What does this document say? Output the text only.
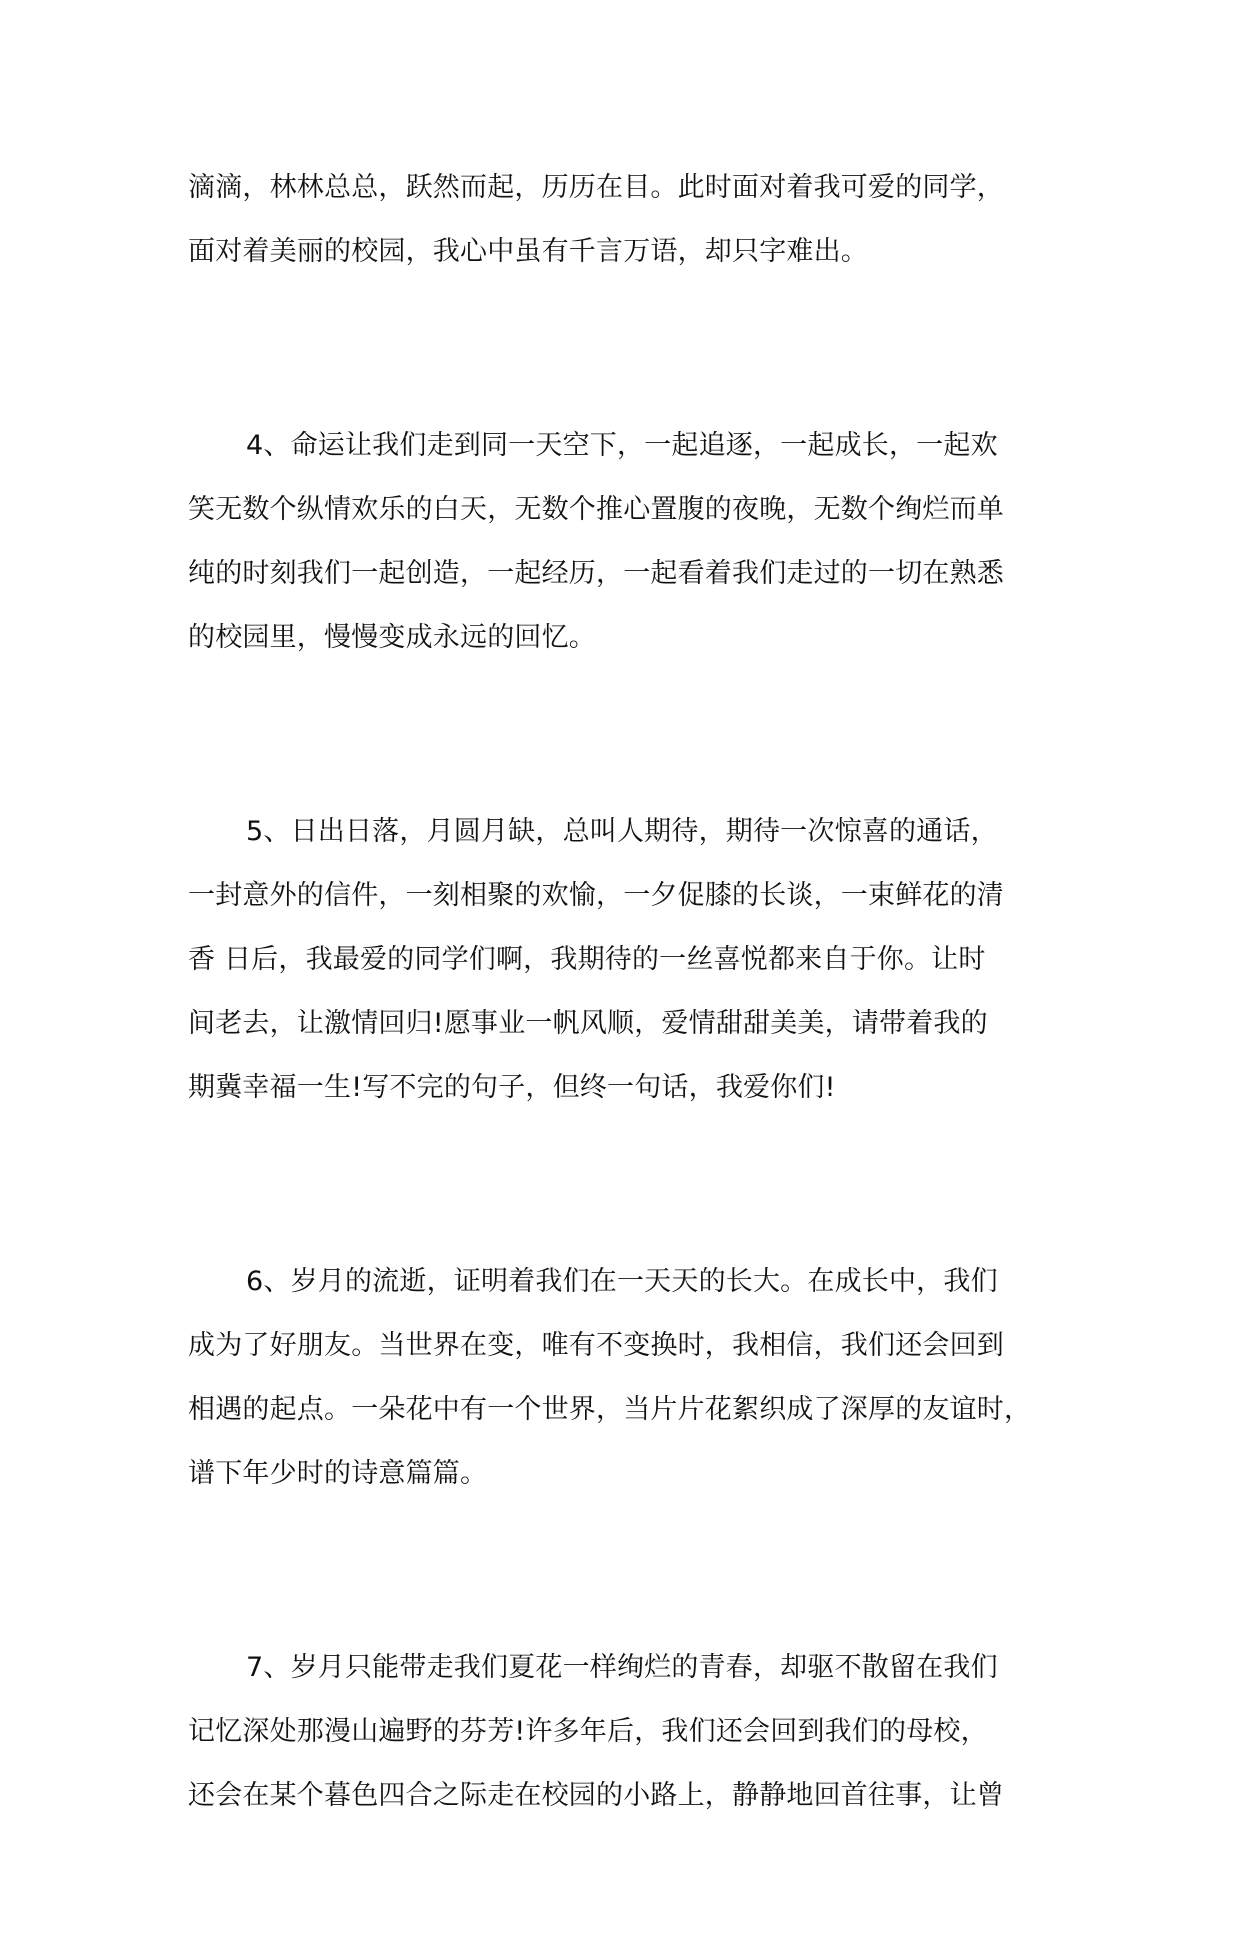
滴滴，林林总总，跃然而起，历历在目。此时面对着我可爱的同学，
面对着美丽的校园，我心中虽有千言万语，却只字难出。
4、命运让我们走到同一天空下，一起追逐，一起成长，一起欢
笑无数个纵情欢乐的白天，无数个推心置腹的夜晚，无数个绚烂而单
纯的时刻我们一起创造，一起经历，一起看着我们走过的一切在熟悉
的校园里，慢慢变成永远的回忆。
5、日出日落，月圆月缺，总叫人期待，期待一次惊喜的通话，
一封意外的信件，一刻相聚的欢愉，一夕促膝的长谈，一束鲜花的清
香 日后，我最爱的同学们啊，我期待的一丝喜悦都来自于你。让时
间老去，让激情回归!愿事业一帆风顺，爱情甜甜美美，请带着我的
期冀幸福一生!写不完的句子，但终一句话，我爱你们!
6、岁月的流逝，证明着我们在一天天的长大。在成长中，我们
成为了好朋友。当世界在变，唯有不变换时，我相信，我们还会回到
相遇的起点。一朵花中有一个世界，当片片花絮织成了深厚的友谊时，
谱下年少时的诗意篇篇。
7、岁月只能带走我们夏花一样绚烂的青春，却驱不散留在我们
记忆深处那漫山遍野的芬芳!许多年后，我们还会回到我们的母校，
还会在某个暮色四合之际走在校园的小路上，静静地回首往事，让曾
